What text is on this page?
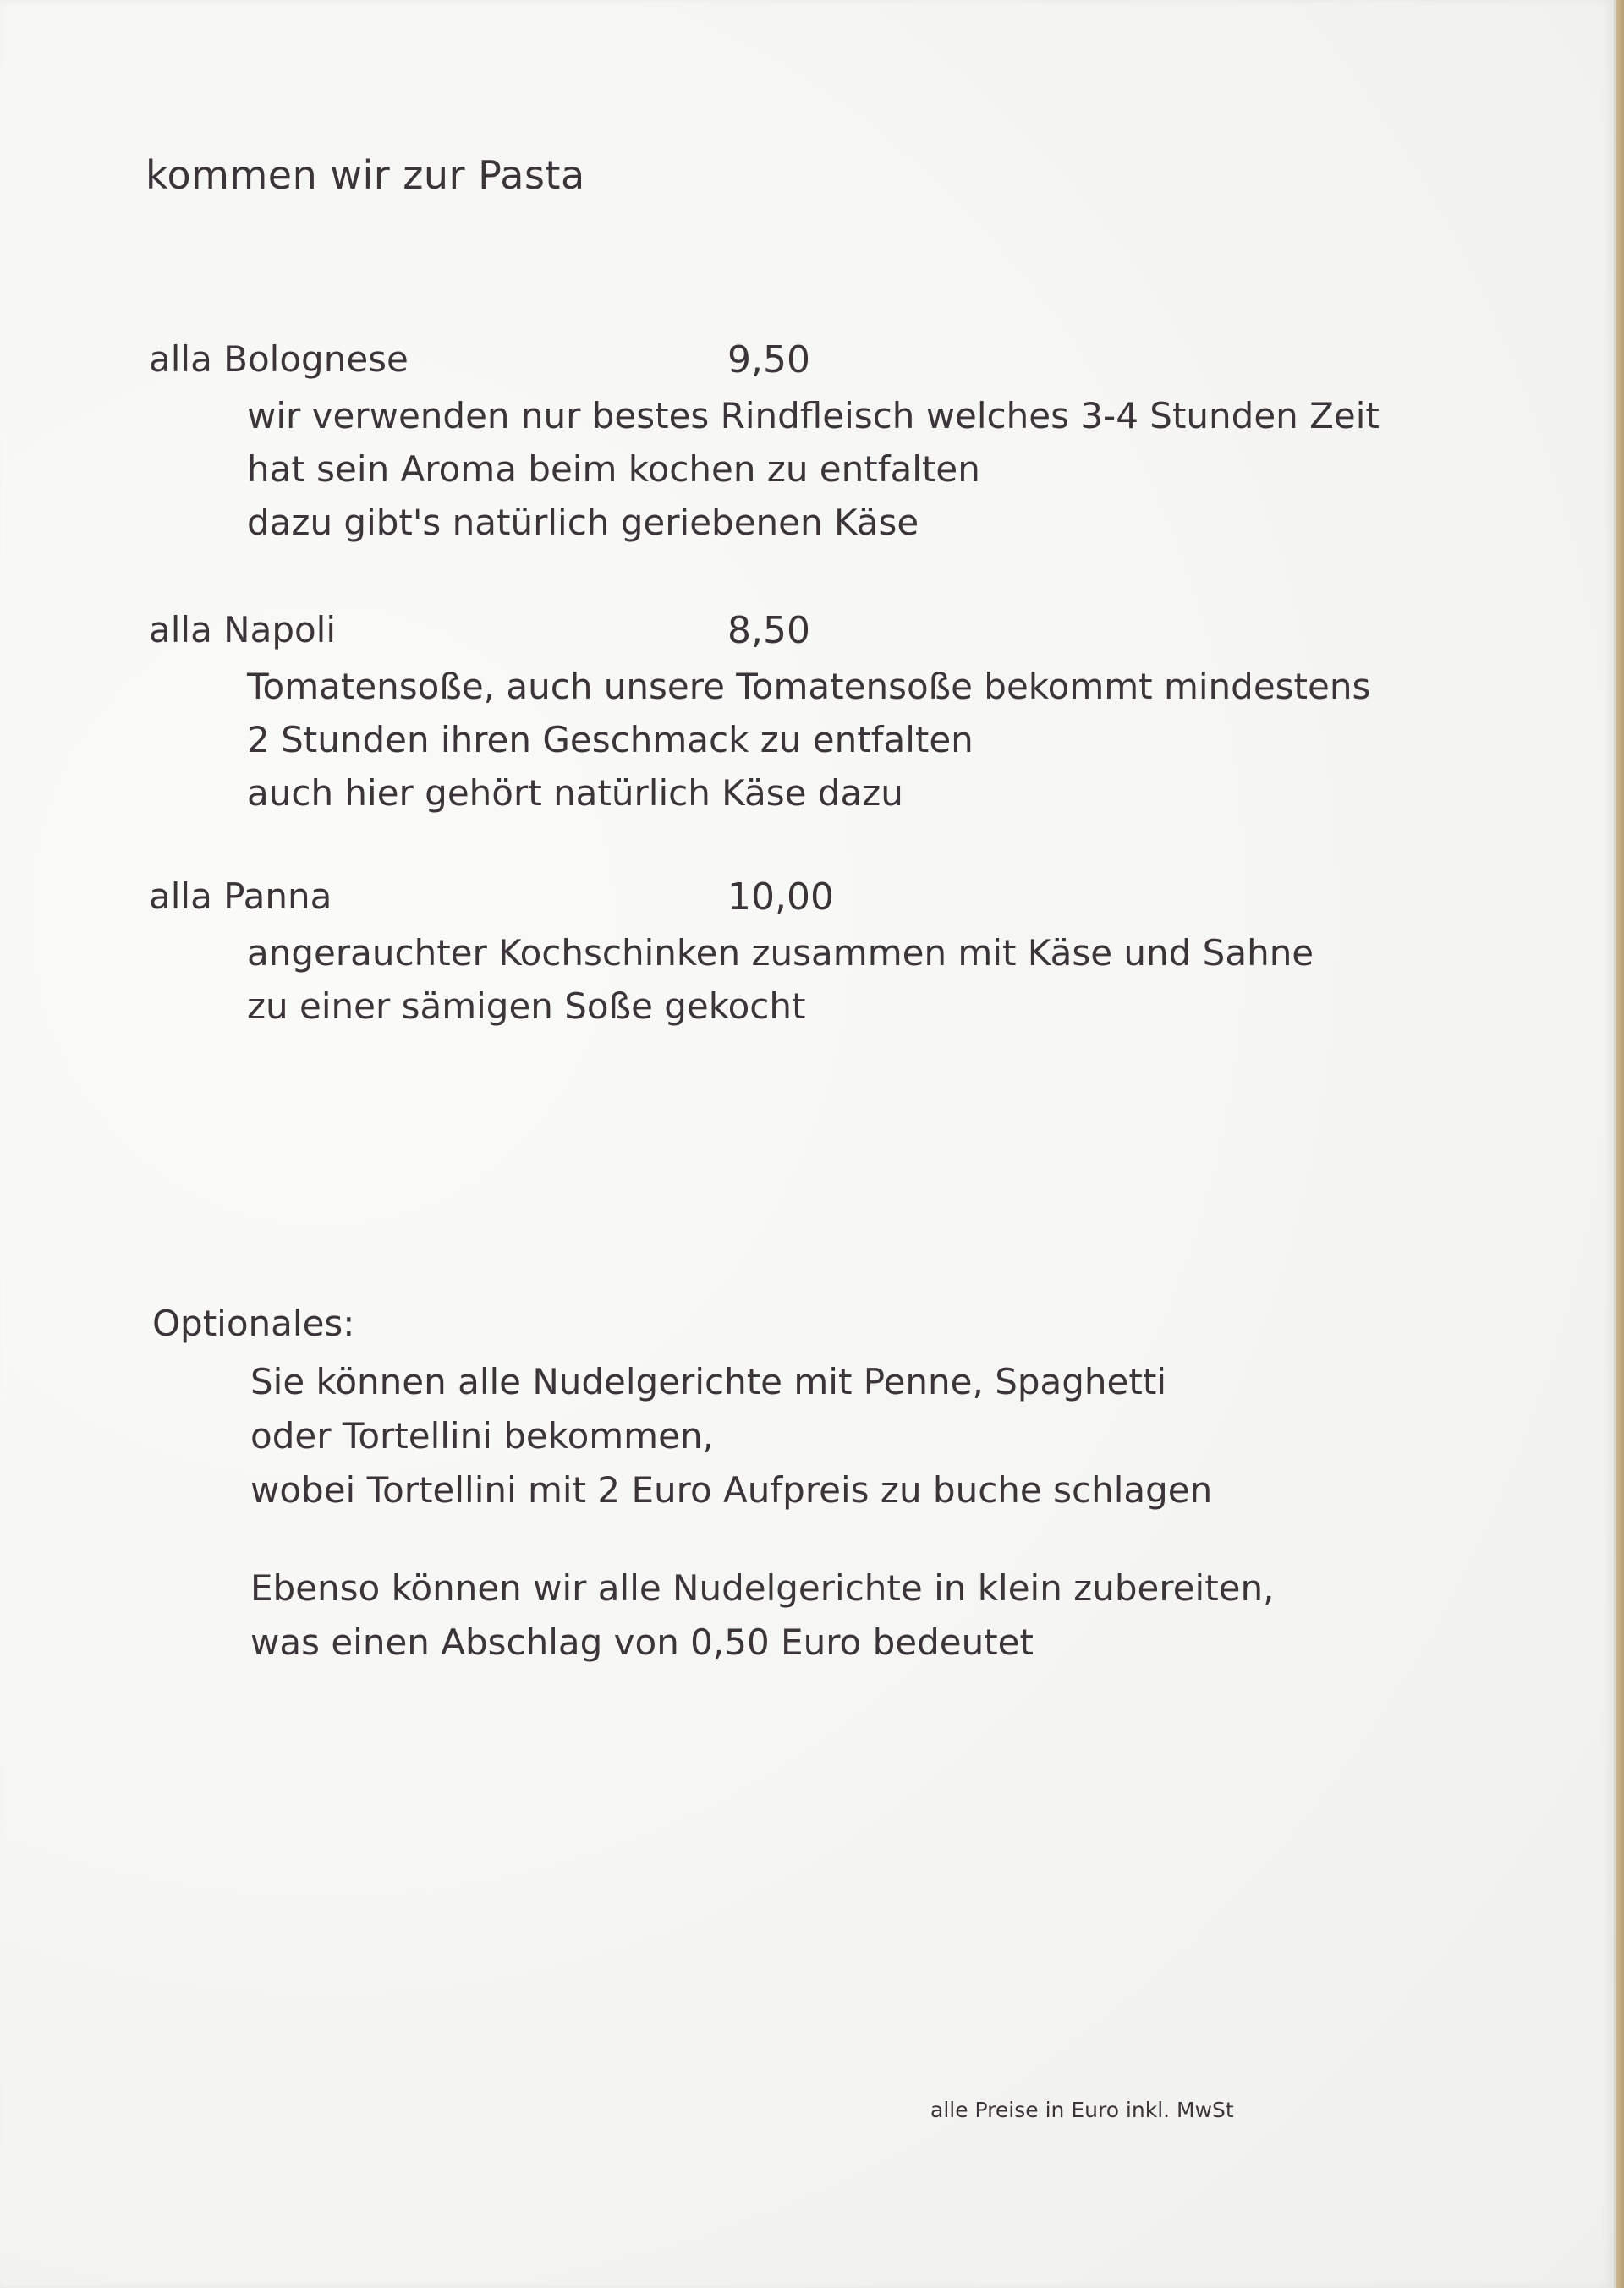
kommen wir zur Pasta
alla Bolognese	9,50
wir verwenden nur bestes Rindfleisch welches 3-4 Stunden Zeit
hat sein Aroma beim kochen zu entfalten
dazu gibt's natürlich geriebenen Käse
alla Napoli	8,50
Tomatensoße, auch unsere Tomatensoße bekommt mindestens
2 Stunden ihren Geschmack zu entfalten
auch hier gehört natürlich Käse dazu
alla Panna	10,00
angerauchter Kochschinken zusammen mit Käse und Sahne
zu einer sämigen Soße gekocht
Optionales:
Sie können alle Nudelgerichte mit Penne, Spaghetti
oder Tortellini bekommen,
wobei Tortellini mit 2 Euro Aufpreis zu buche schlagen
Ebenso können wir alle Nudelgerichte in klein zubereiten,
was einen Abschlag von 0,50 Euro bedeutet
alle Preise in Euro inkl. MwSt
